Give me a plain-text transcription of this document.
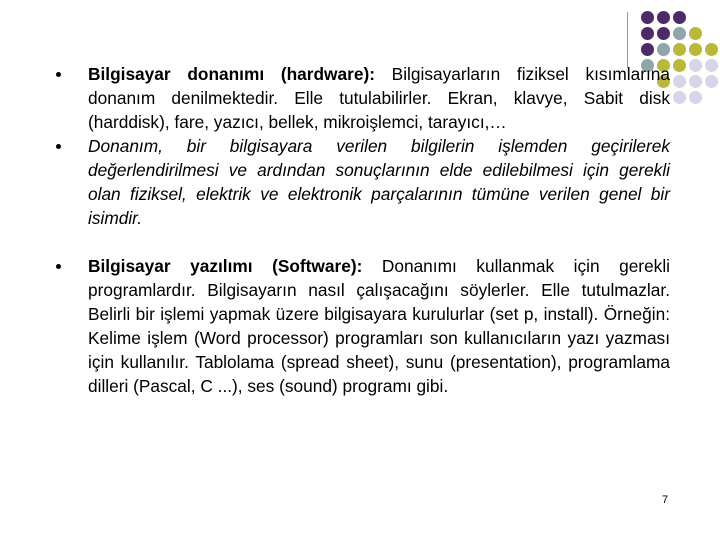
Bilgisayar donanımı (hardware): Bilgisayarların fiziksel kısımlarına donanım denilmektedir. Elle tutulabilirler. Ekran, klavye, Sabit disk (harddisk), fare, yazıcı, bellek, mikroişlemci, tarayıcı,…
Donanım, bir bilgisayara verilen bilgilerin işlemden geçirilerek değerlendirilmesi ve ardından sonuçlarının elde edilebilmesi için gerekli olan fiziksel, elektrik ve elektronik parçalarının tümüne verilen genel bir isimdir.
Bilgisayar yazılımı (Software): Donanımı kullanmak için gerekli programlardır. Bilgisayarın nasıl çalışacağını söylerler. Elle tutulmazlar. Belirli bir işlemi yapmak üzere bilgisayara kurulurlar (set p, install). Örneğin: Kelime işlem (Word processor) programları son kullanıcıların yazı yazması için kullanılır. Tablolama (spread sheet), sunu (presentation), programlama dilleri (Pascal, C ...), ses (sound) programı gibi.
7
